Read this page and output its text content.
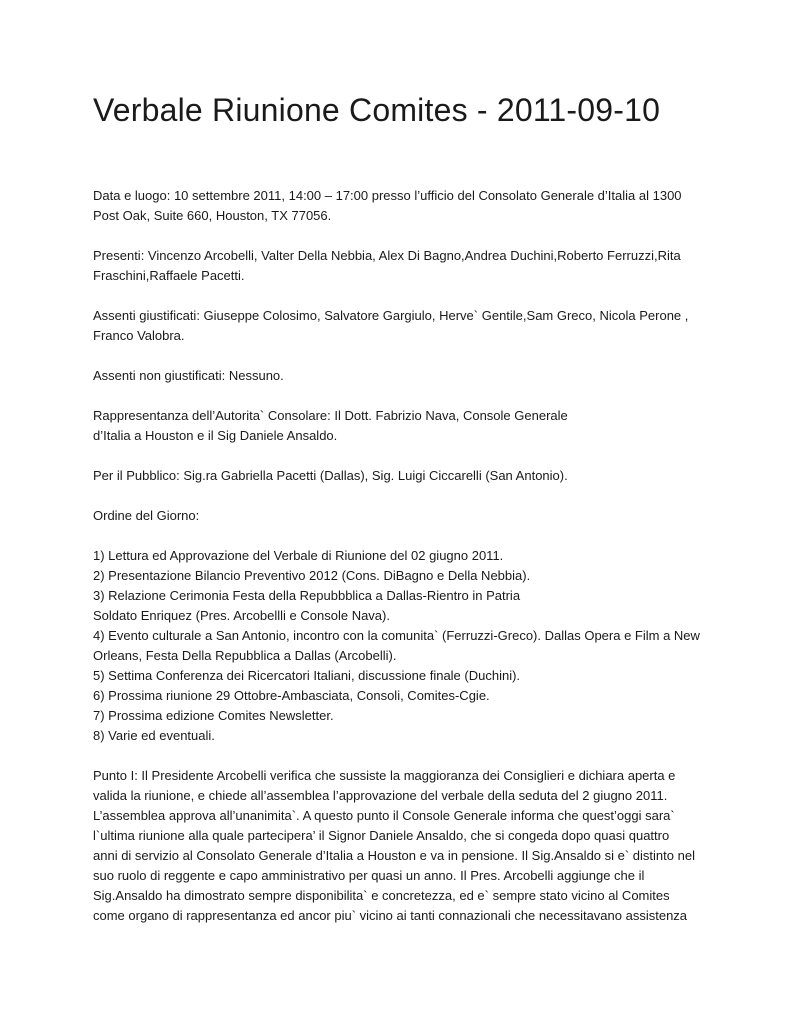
Verbale Riunione Comites - 2011-09-10

Data e luogo: 10 settembre 2011, 14:00 – 17:00 presso l’ufficio del Consolato Generale d’Italia al 1300
Post Oak, Suite 660, Houston, TX 77056.

Presenti: Vincenzo Arcobelli, Valter Della Nebbia, Alex Di Bagno,Andrea Duchini,Roberto Ferruzzi,Rita
Fraschini,Raffaele Pacetti.

Assenti giustificati: Giuseppe Colosimo, Salvatore Gargiulo, Herve` Gentile,Sam Greco, Nicola Perone ,
Franco Valobra.

Assenti non giustificati: Nessuno.

Rappresentanza dell’Autorita` Consolare: Il Dott. Fabrizio Nava, Console Generale
d’Italia a Houston e il Sig Daniele Ansaldo.

Per il Pubblico: Sig.ra Gabriella Pacetti (Dallas), Sig. Luigi Ciccarelli (San Antonio).

Ordine del Giorno:

1) Lettura ed Approvazione del Verbale di Riunione del 02 giugno 2011.
2) Presentazione Bilancio Preventivo 2012 (Cons. DiBagno e Della Nebbia).
3) Relazione Cerimonia Festa della Repubbblica a Dallas-Rientro in Patria
Soldato Enriquez (Pres. Arcobellli e Console Nava).
4) Evento culturale a San Antonio, incontro con la comunita` (Ferruzzi-Greco). Dallas Opera e Film a New
Orleans, Festa Della Repubblica a Dallas (Arcobelli).
5) Settima Conferenza dei Ricercatori Italiani, discussione finale (Duchini).
6) Prossima riunione 29 Ottobre-Ambasciata, Consoli, Comites-Cgie.
7) Prossima edizione Comites Newsletter.
8) Varie ed eventuali.

Punto I: Il Presidente Arcobelli verifica che sussiste la maggioranza dei Consiglieri e dichiara aperta e
valida la riunione, e chiede all’assemblea l’approvazione del verbale della seduta del 2 giugno 2011.
L’assemblea approva all’unanimita`. A questo punto il Console Generale informa che quest’oggi sara`
l`ultima riunione alla quale partecipera’ il Signor Daniele Ansaldo, che si congeda dopo quasi quattro
anni di servizio al Consolato Generale d’Italia a Houston e va in pensione. Il Sig.Ansaldo si e` distinto nel
suo ruolo di reggente e capo amministrativo per quasi un anno. Il Pres. Arcobelli aggiunge che il
Sig.Ansaldo ha dimostrato sempre disponibilita` e concretezza, ed e` sempre stato vicino al Comites
come organo di rappresentanza ed ancor piu` vicino ai tanti connazionali che necessitavano assistenza
